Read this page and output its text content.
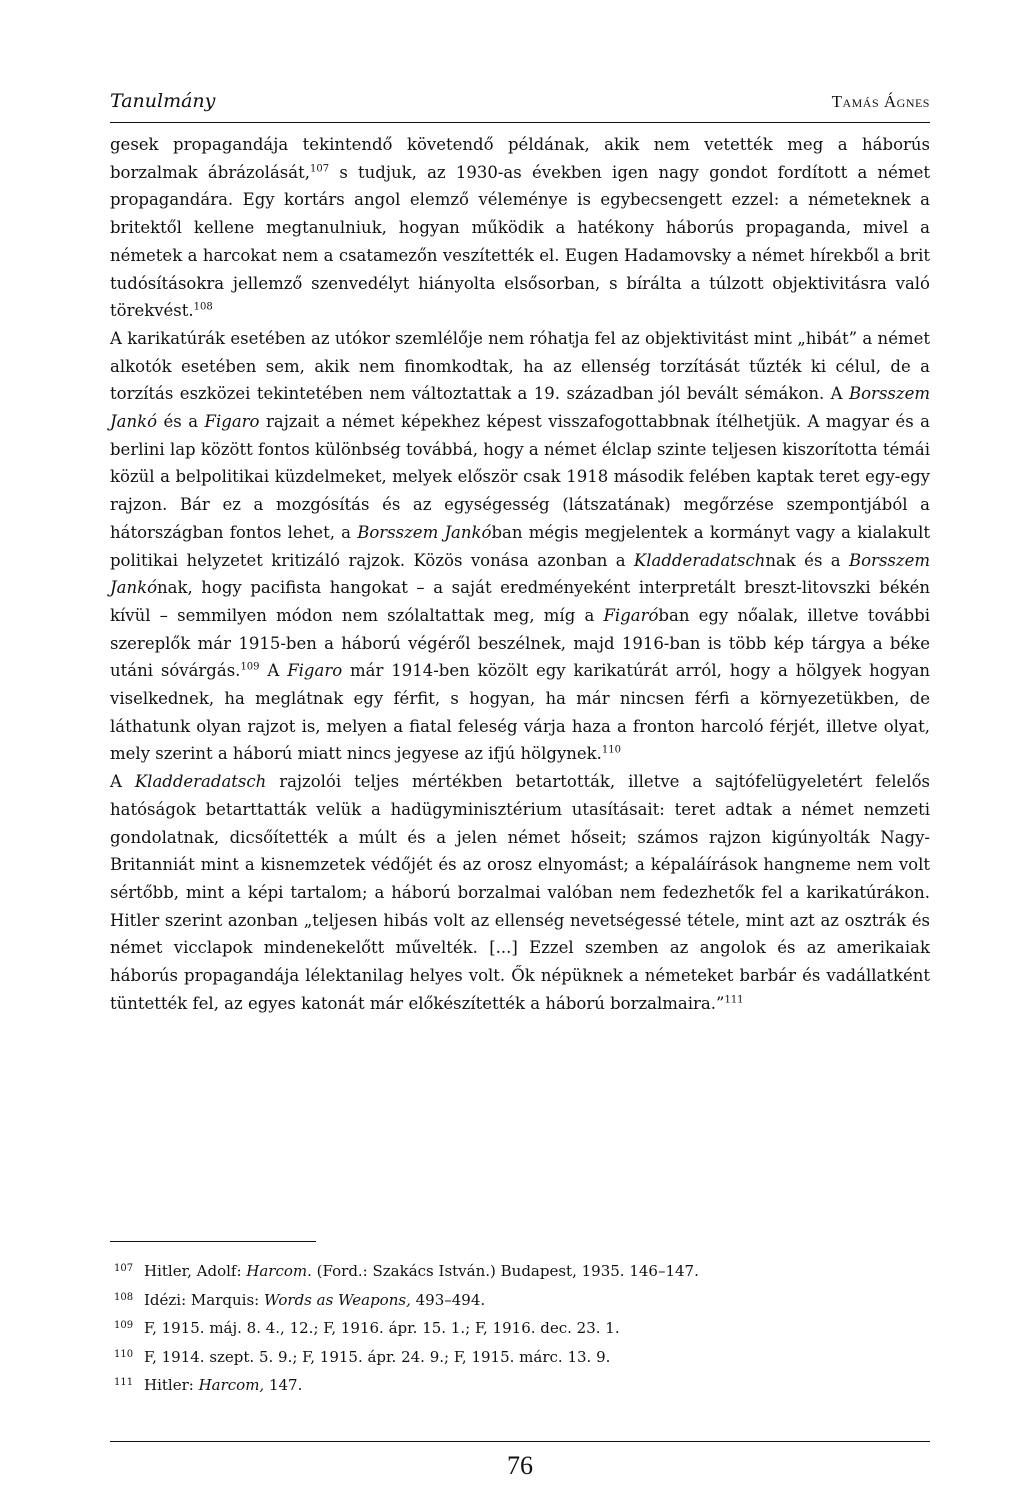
Tanulmány	Tamás Ágnes

gesek propagandája tekintendő követendő példának, akik nem vetették meg a háborús borzalmak ábrázolását,$^{107}$ s tudjuk, az 1930-as években igen nagy gondot fordított a német propagandára. Egy kortárs angol elemző véleménye is egybecsengett ezzel: a németeknek a britektől kellene megtanulniuk, hogyan működik a hatékony háborús propaganda, mivel a németek a harcokat nem a csatamezőn veszítették el. Eugen Hadamovsky a német hírekből a brit tudósításokra jellemző szenvedélyt hiányolta elsősorban, s bírálta a túlzott objektivitásra való törekvést.$^{108}$

A karikatúrák esetében az utókor szemlélője nem róhatja fel az objektivitást mint „hibát” a német alkotók esetében sem, akik nem finomkodtak, ha az ellenség torzítását tűzték ki célul, de a torzítás eszközei tekintetében nem változtattak a 19. században jól bevált sémákon. A Borsszem Jankó és a Figaro rajzait a német képekhez képest visszafogottabbnak ítélhetjük. A magyar és a berlini lap között fontos különbség továbbá, hogy a német élclap szinte teljesen kiszorította témái közül a belpolitikai küzdelmeket, melyek először csak 1918 második felében kaptak teret egy-egy rajzon. Bár ez a mozgósítás és az egységesség (látszatának) megőrzése szempontjából a hátországban fontos lehet, a Borsszem Jankóban mégis megjelentek a kormányt vagy a kialakult politikai helyzetet kritizáló rajzok. Közös vonása azonban a Kladderadatschnak és a Borsszem Jankónak, hogy pacifista hangokat – a saját eredményeként interpretált breszt-litovszki békén kívül – semmilyen módon nem szólaltattak meg, míg a Figaróban egy nőalak, illetve további szereplők már 1915-ben a háború végéről beszélnek, majd 1916-ban is több kép tárgya a béke utáni sóvárgás.$^{109}$ A Figaro már 1914-ben közölt egy karikatúrát arról, hogy a hölgyek hogyan viselkednek, ha meglátnak egy férfit, s hogyan, ha már nincsen férfi a környezetükben, de láthatunk olyan rajzot is, melyen a fiatal feleség várja haza a fronton harcoló férjét, illetve olyat, mely szerint a háború miatt nincs jegyese az ifjú hölgynek.$^{110}$

A Kladderadatsch rajzolói teljes mértékben betartották, illetve a sajtófelügyeletért felelős hatóságok betarttatták velük a hadügyminisztérium utasításait: teret adtak a német nemzeti gondolatnak, dicsőítették a múlt és a jelen német hőseit; számos rajzon kigúnyolták Nagy-Britanniát mint a kisnemzetek védőjét és az orosz elnyomást; a képaláírások hangneme nem volt sértőbb, mint a képi tartalom; a háború borzalmai valóban nem fedezhetők fel a karikatúrákon. Hitler szerint azonban „teljesen hibás volt az ellenség nevetségessé tétele, mint azt az osztrák és német vicclapok mindenekelőtt művelték. [...] Ezzel szemben az angolok és az amerikaiak háborús propagandája lélektanilag helyes volt. Ők népüknek a németeket barbár és vadállatként tüntették fel, az egyes katonát már előkészítették a háború borzalmaira.”$^{111}$

107 Hitler, Adolf: Harcom. (Ford.: Szakács István.) Budapest, 1935. 146–147.
108 Idézi: Marquis: Words as Weapons, 493–494.
109 F, 1915. máj. 8. 4., 12.; F, 1916. ápr. 15. 1.; F, 1916. dec. 23. 1.
110 F, 1914. szept. 5. 9.; F, 1915. ápr. 24. 9.; F, 1915. márc. 13. 9.
111 Hitler: Harcom, 147.
76
